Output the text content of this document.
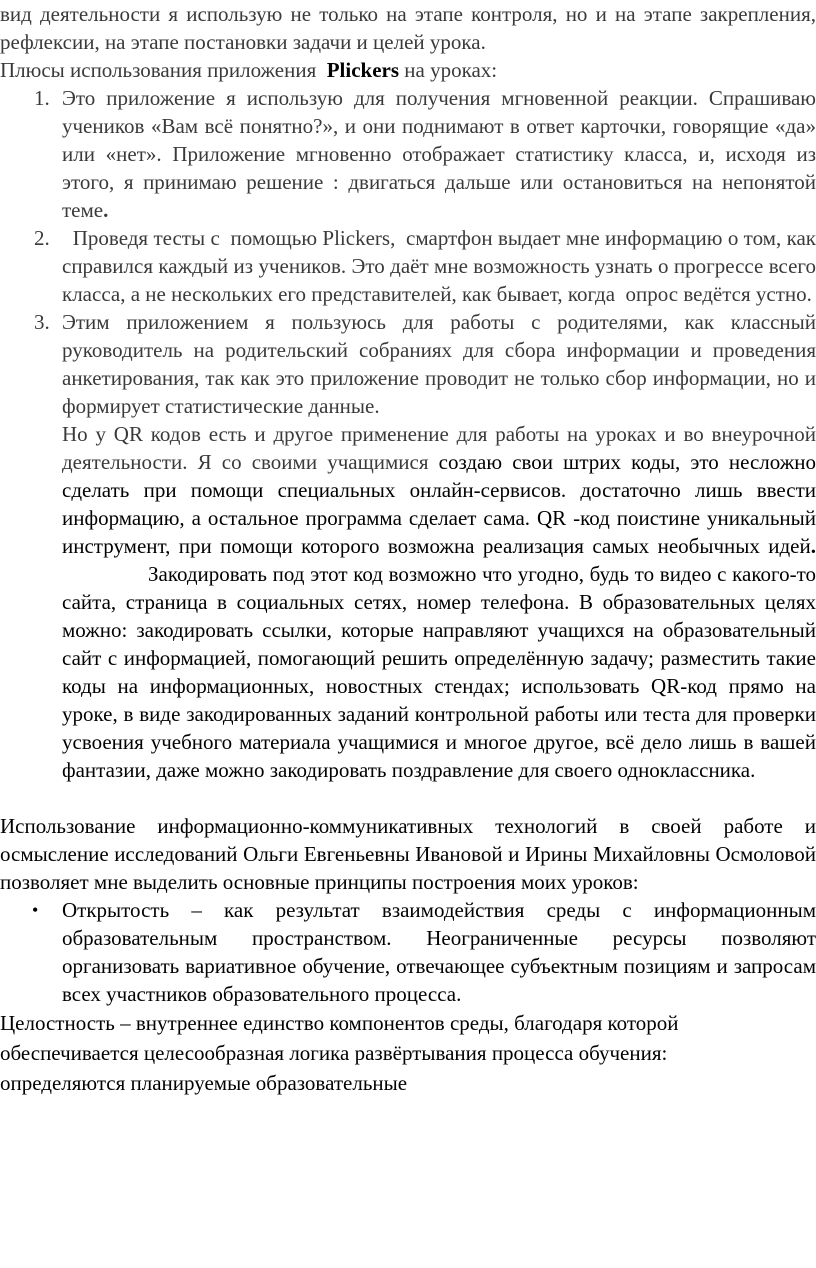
вид деятельности я использую не только на этапе контроля, но и на этапе закрепления, рефлексии, на этапе постановки задачи и целей урока.

Плюсы использования приложения Plickers на уроках:

1. Это приложение я использую для получения мгновенной реакции. Спрашиваю учеников «Вам всё понятно?», и они поднимают в ответ карточки, говорящие «да» или «нет». Приложение мгновенно отображает статистику класса, и, исходя из этого, я принимаю решение : двигаться дальше или остановиться на непонятой теме.
2. Проведя тесты с  помощью Plickers,  смартфон выдает мне информацию о том, как справился каждый из учеников. Это даёт мне возможность узнать о прогрессе всего класса, а не нескольких его представителей, как бывает, когда  опрос ведётся устно.
3. Этим приложением я пользуюсь для работы с родителями, как классный руководитель на родительский собраниях для сбора информации и проведения анкетирования, так как это приложение проводит не только сбор информации, но и формирует статистические данные.

Но у QR кодов есть и другое применение для работы на уроках и во внеурочной деятельности. Я со своими учащимися создаю свои штрих коды, это несложно сделать при помощи специальных онлайн-сервисов. достаточно лишь ввести информацию, а остальное программа сделает сама. QR -код поистине уникальный инструмент, при помощи которого возможна реализация самых необычных идей.Закодировать под этот код возможно что угодно, будь то видео с какого-то сайта, страница в социальных сетях, номер телефона. В образовательных целях можно: закодировать ссылки, которые направляют учащихся на образовательный сайт с информацией, помогающий решить определённую задачу; разместить такие коды на информационных, новостных стендах; использовать QR-код прямо на уроке, в виде закодированных заданий контрольной работы или теста для проверки усвоения учебного материала учащимися и многое другое, всё дело лишь в вашей фантазии, даже можно закодировать поздравление для своего одноклассника.

Использование информационно-коммуникативных технологий в своей работе и осмысление исследований Ольги Евгеньевны Ивановой и Ирины Михайловны Осмоловой позволяет мне выделить основные принципы построения моих уроков:

• Открытость – как результат взаимодействия среды с информационным образовательным пространством. Неограниченные ресурсы позволяют организовать вариативное обучение, отвечающее субъектным позициям и запросам всех участников образовательного процесса.

Целостность – внутреннее единство компонентов среды, благодаря которой

обеспечивается целесообразная логика развёртывания процесса обучения:

определяются планируемые образовательные
